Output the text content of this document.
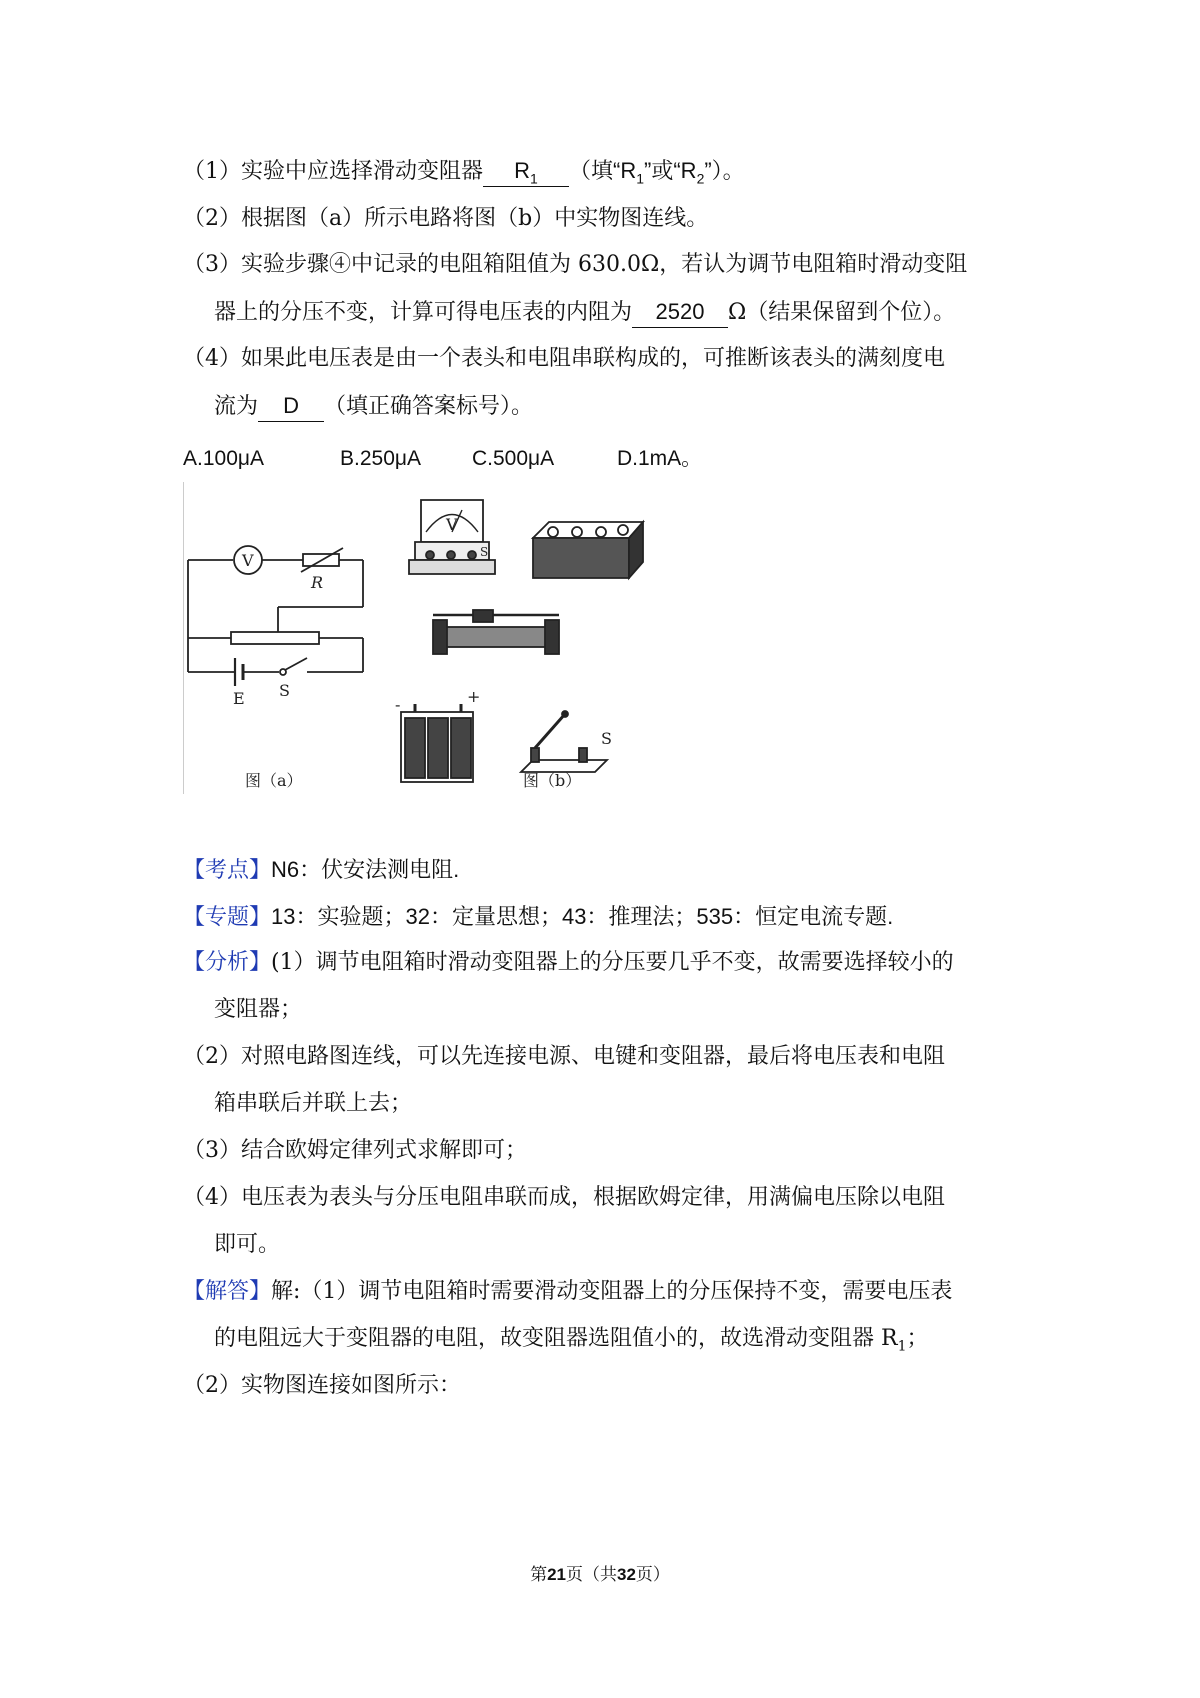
（1）实验中应选择滑动变阻器 $R_1$ （填“$R_1$”或“$R_2$”）。
（2）根据图（a）所示电路将图（b）中实物图连线。
（3）实验步骤④中记录的电阻箱阻值为 630.0Ω，若认为调节电阻箱时滑动变阻
器上的分压不变，计算可得电压表的内阻为 2520 Ω（结果保留到个位）。
（4）如果此电压表是由一个表头和电阻串联构成的，可推断该表头的满刻度电
流为 D （填正确答案标号）。
A.100μA	B.250μA C.500μA	D.1mA。
V
R
E S
图（a）
V
S
-	+
S
图（b）
【考点】N6：伏安法测电阻.
【专题】13：实验题；32：定量思想；43：推理法；535：恒定电流专题.
【分析】(1）调节电阻箱时滑动变阻器上的分压要几乎不变，故需要选择较小的
变阻器；
（2）对照电路图连线，可以先连接电源、电键和变阻器，最后将电压表和电阻
箱串联后并联上去；
（3）结合欧姆定律列式求解即可；
（4）电压表为表头与分压电阻串联而成，根据欧姆定律，用满偏电压除以电阻
即可。
【解答】解:（1）调节电阻箱时需要滑动变阻器上的分压保持不变，需要电压表
的电阻远大于变阻器的电阻，故变阻器选阻值小的，故选滑动变阻器 $R_1$；
（2）实物图连接如图所示：
第21页（共32页）
